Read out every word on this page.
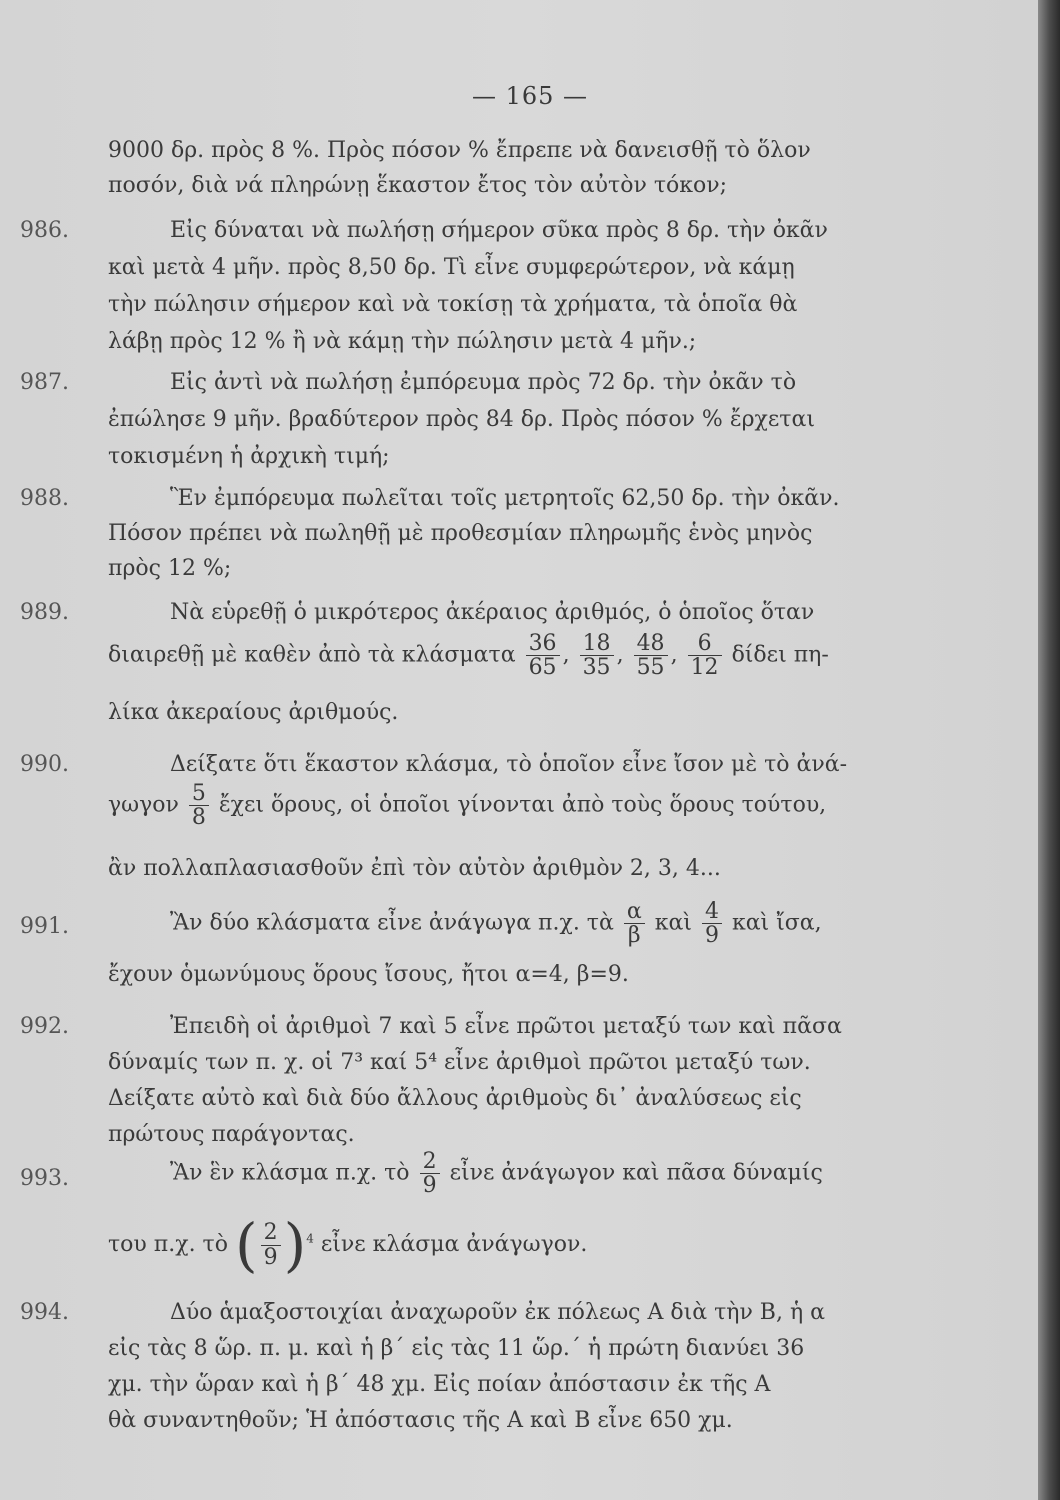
— 165 —
9000 δρ. πρὸς 8 %. Πρὸς πόσον % ἔπρεπε νὰ δανεισθῇ τὸ ὅλον
ποσόν, διὰ νά πληρώνῃ ἕκαστον ἔτος τὸν αὐτὸν τόκον;
986.	Εἰς δύναται νὰ πωλήσῃ σήμερον σῦκα πρὸς 8 δρ. τὴν ὀκᾶν
καὶ μετὰ 4 μῆν. πρὸς 8,50 δρ. Τὶ εἶνε συμφερώτερον, νὰ κάμῃ
τὴν πώλησιν σήμερον καὶ νὰ τοκίσῃ τὰ χρήματα, τὰ ὁποῖα θὰ
λάβῃ πρὸς 12 % ἢ νὰ κάμῃ τὴν πώλησιν μετὰ 4 μῆν.;
987.	Εἰς ἀντὶ νὰ πωλήσῃ ἐμπόρευμα πρὸς 72 δρ. τὴν ὀκᾶν τὸ
ἐπώλησε 9 μῆν. βραδύτερον πρὸς 84 δρ. Πρὸς πόσον % ἔρχεται
τοκισμένη ἡ ἀρχικὴ τιμή;
988.	Ἓν ἐμπόρευμα πωλεῖται τοῖς μετρητοῖς 62,50 δρ. τὴν ὀκᾶν.
Πόσον πρέπει νὰ πωληθῇ μὲ προθεσμίαν πληρωμῆς ἑνὸς μηνὸς
πρὸς 12 %;
989.	Νὰ εὑρεθῇ ὁ μικρότερος ἀκέραιος ἀριθμός, ὁ ὁποῖος ὅταν
διαιρεθῇ μὲ καθὲν ἀπὸ τὰ κλάσματα $\frac{36}{65}$ , $\frac{18}{35}$ , $\frac{48}{55}$ , $\frac{6}{12}$ δίδει πη-
λίκα ἀκεραίους ἀριθμούς.
990.	Δείξατε ὅτι ἕκαστον κλάσμα, τὸ ὁποῖον εἶνε ἴσον μὲ τὸ ἀνά-
γωγον $\frac{5}{8}$ ἔχει ὅρους, οἱ ὁποῖοι γίνονται ἀπὸ τοὺς ὅρους τούτου,
ἂν πολλαπλασιασθοῦν ἐπὶ τὸν αὐτὸν ἀριθμὸν 2, 3, 4...
991.	Ἂν δύο κλάσματα εἶνε ἀνάγωγα π.χ. τὰ $\frac{\alpha}{\beta}$ καὶ $\frac{4}{9}$ καὶ ἴσα,
ἔχουν ὁμωνύμους ὅρους ἴσους, ἤτοι α=4, β=9.
992.	Ἐπειδὴ οἱ ἀριθμοὶ 7 καὶ 5 εἶνε πρῶτοι μεταξύ των καὶ πᾶσα
δύναμίς των π. χ. οἱ 7³ καί 5⁴ εἶνε ἀριθμοὶ πρῶτοι μεταξύ των.
Δείξατε αὐτὸ καὶ διὰ δύο ἄλλους ἀριθμοὺς δι᾽ ἀναλύσεως εἰς
πρώτους παράγοντας.
993.	Ἂν ἓν κλάσμα π.χ. τὸ $\frac{2}{9}$ εἶνε ἀνάγωγον καὶ πᾶσα δύναμίς
του π.χ. τὸ ( $\frac{2}{9} )^4$ εἶνε κλάσμα ἀνάγωγον.
994.	Δύο ἁμαξοστοιχίαι ἀναχωροῦν ἐκ πόλεως Α διὰ τὴν Β, ἡ α
εἰς τὰς 8 ὥρ. π. μ. καὶ ἡ β΄ εἰς τὰς 11 ὥρ.΄ ἡ πρώτη διανύει 36
χμ. τὴν ὥραν καὶ ἡ β΄ 48 χμ. Εἰς ποίαν ἀπόστασιν ἐκ τῆς Α
θὰ συναντηθοῦν; Ἡ ἀπόστασις τῆς Α καὶ Β εἶνε 650 χμ.
